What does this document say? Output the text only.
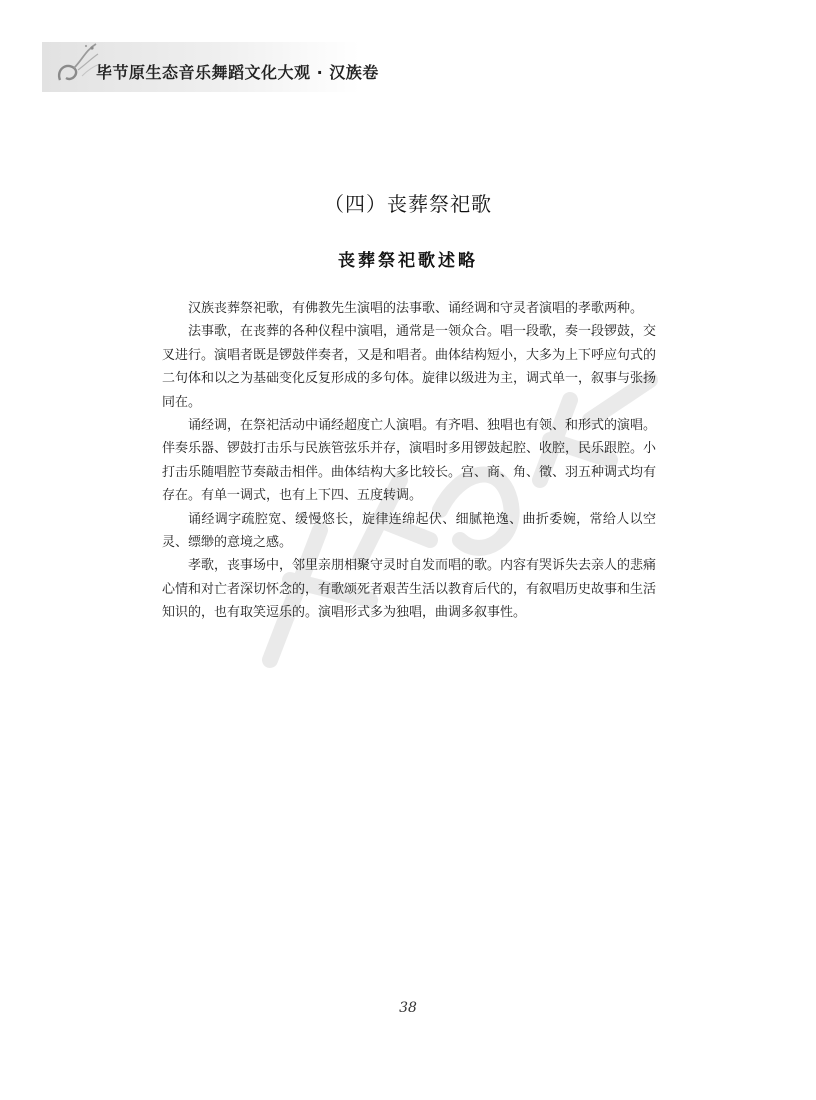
毕节原生态音乐舞蹈文化大观 · 汉族卷
（四）丧葬祭祀歌
丧葬祭祀歌述略

汉族丧葬祭祀歌，有佛教先生演唱的法事歌、诵经调和守灵者演唱的孝歌两种。

法事歌，在丧葬的各种仪程中演唱，通常是一领众合。唱一段歌，奏一段锣鼓，交叉进行。演唱者既是锣鼓伴奏者，又是和唱者。曲体结构短小，大多为上下呼应句式的二句体和以之为基础变化反复形成的多句体。旋律以级进为主，调式单一，叙事与张扬同在。

诵经调，在祭祀活动中诵经超度亡人演唱。有齐唱、独唱也有领、和形式的演唱。伴奏乐器、锣鼓打击乐与民族管弦乐并存，演唱时多用锣鼓起腔、收腔，民乐跟腔。小打击乐随唱腔节奏敲击相伴。曲体结构大多比较长。宫、商、角、徵、羽五种调式均有存在。有单一调式，也有上下四、五度转调。

诵经调字疏腔宽、缓慢悠长，旋律连绵起伏、细腻艳逸、曲折委婉，常给人以空灵、缥缈的意境之感。

孝歌，丧事场中，邻里亲朋相聚守灵时自发而唱的歌。内容有哭诉失去亲人的悲痛心情和对亡者深切怀念的，有歌颂死者艰苦生活以教育后代的，有叙唱历史故事和生活知识的，也有取笑逗乐的。演唱形式多为独唱，曲调多叙事性。

38
